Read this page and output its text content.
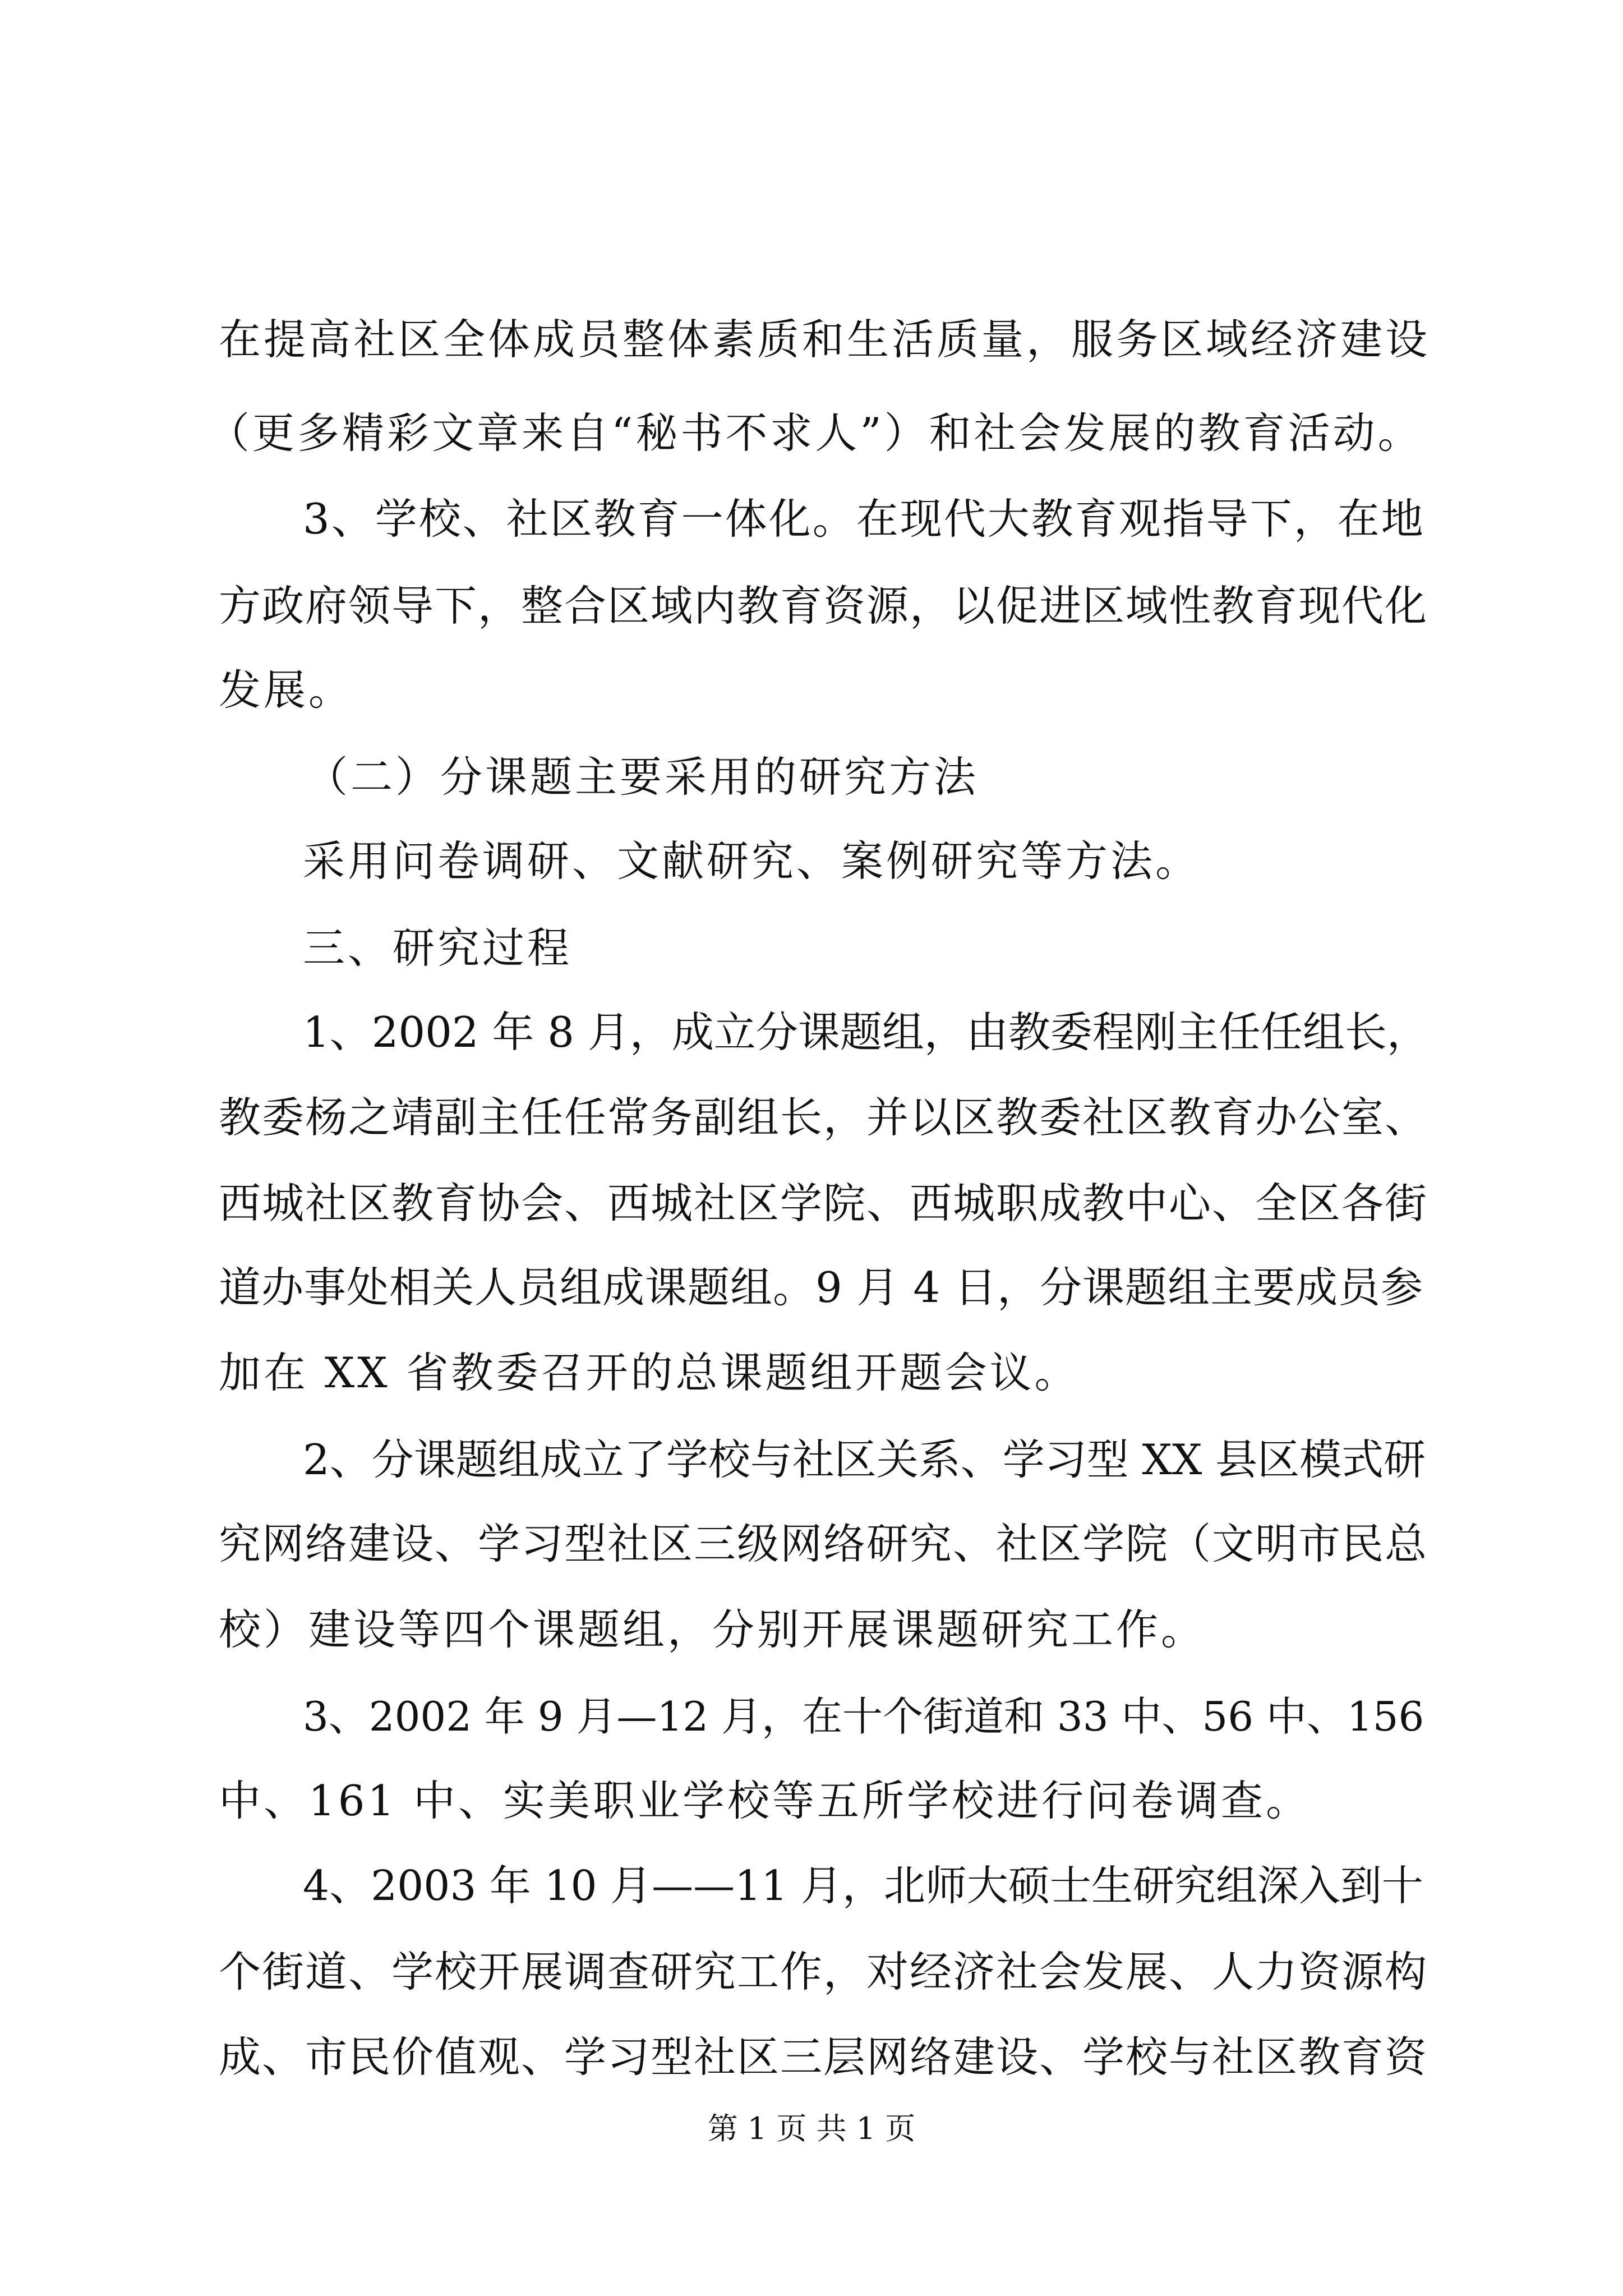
在提高社区全体成员整体素质和生活质量，服务区域经济建设

（更多精彩文章来自“秘书不求人”）和社会发展的教育活动。

3、学校、社区教育一体化。在现代大教育观指导下，在地

方政府领导下，整合区域内教育资源，以促进区域性教育现代化

发展。

（二）分课题主要采用的研究方法

采用问卷调研、文献研究、案例研究等方法。

三、研究过程

1、2002 年 8 月，成立分课题组，由教委程刚主任任组长，

教委杨之靖副主任任常务副组长，并以区教委社区教育办公室、

西城社区教育协会、西城社区学院、西城职成教中心、全区各街

道办事处相关人员组成课题组。9 月 4 日，分课题组主要成员参

加在 XX 省教委召开的总课题组开题会议。

2、分课题组成立了学校与社区关系、学习型 XX 县区模式研

究网络建设、学习型社区三级网络研究、社区学院（文明市民总

校）建设等四个课题组，分别开展课题研究工作。

3、2002 年 9 月—12 月，在十个街道和 33 中、56 中、156

中、161 中、实美职业学校等五所学校进行问卷调查。

4、2003 年 10 月——11 月，北师大硕士生研究组深入到十

个街道、学校开展调查研究工作，对经济社会发展、人力资源构

成、市民价值观、学习型社区三层网络建设、学校与社区教育资

第 1 页 共 1 页
